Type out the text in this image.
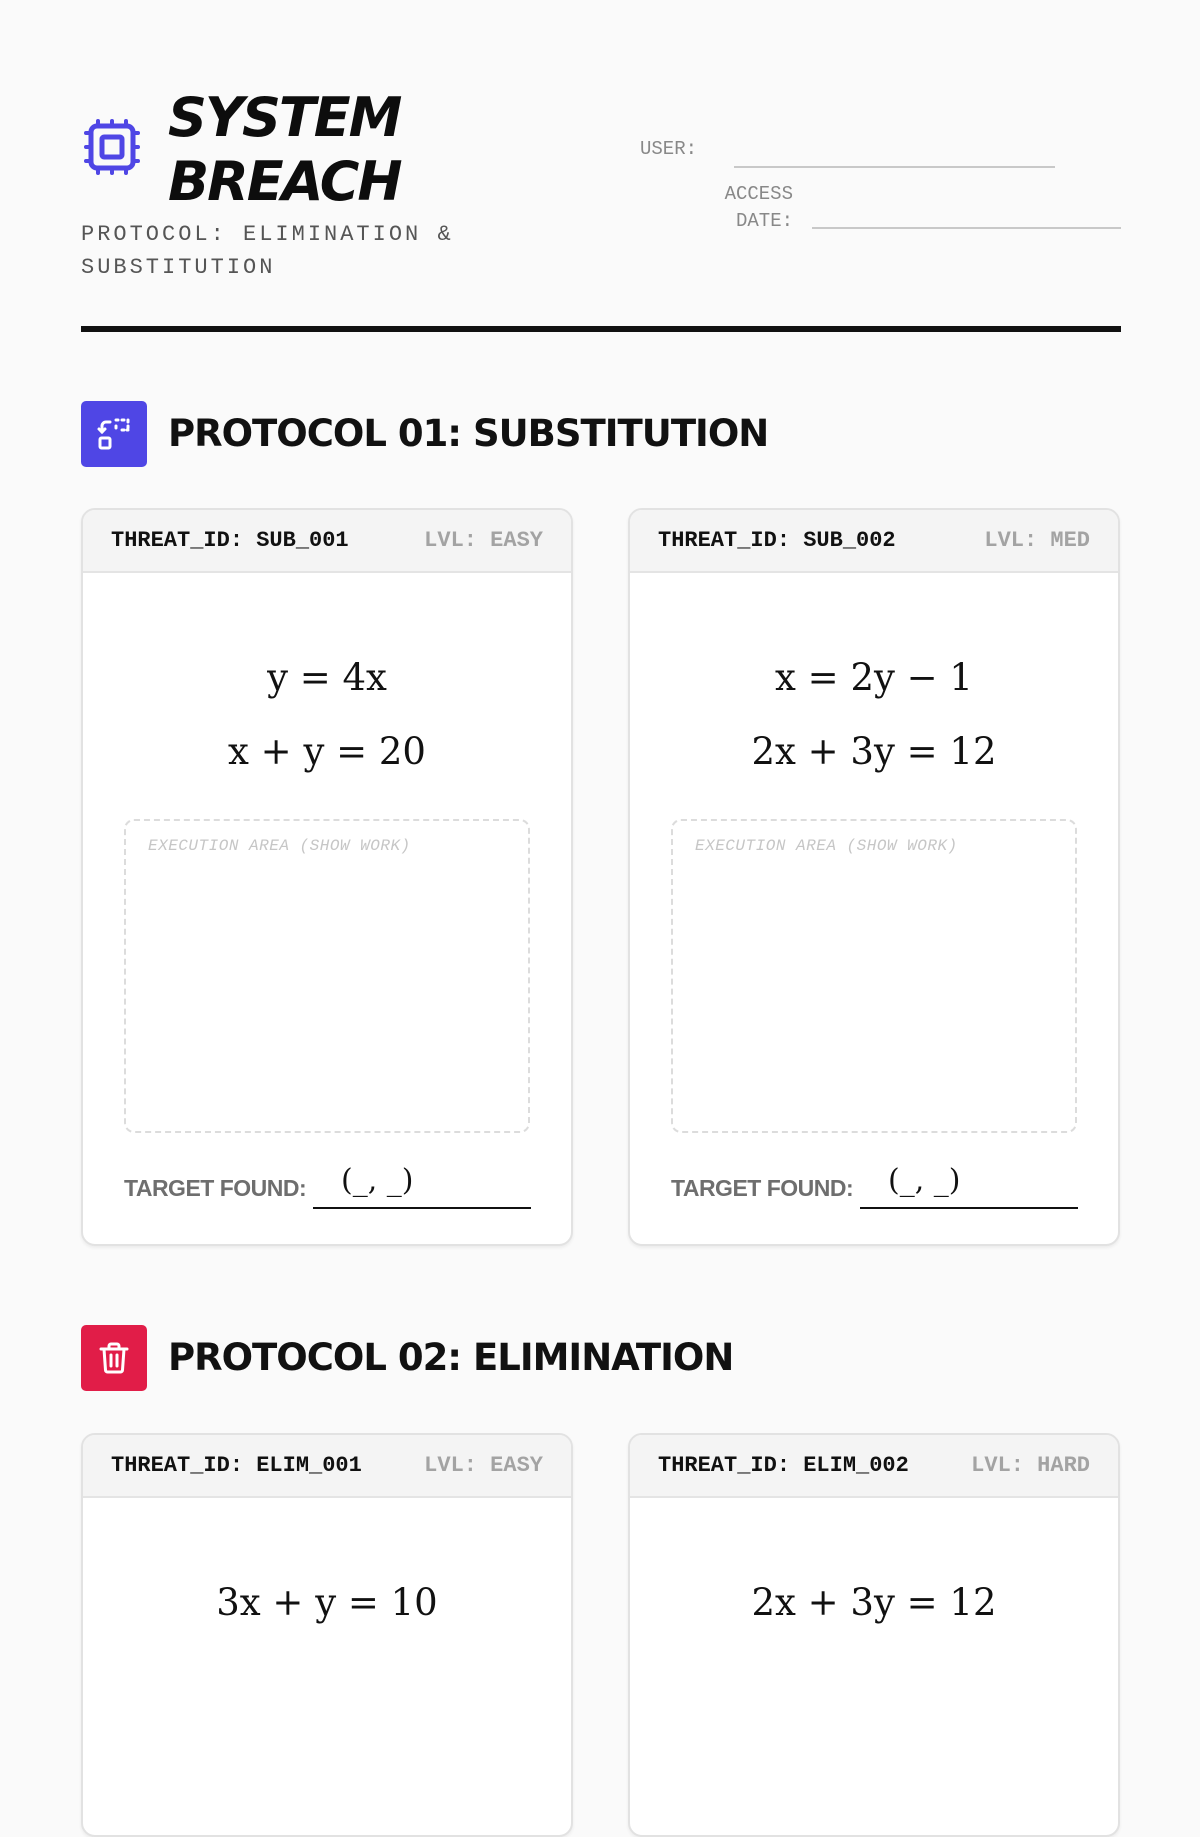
SYSTEM
BREACH
PROTOCOL: ELIMINATION & SUBSTITUTION
USER:
ACCESS
DATE:
PROTOCOL 01: SUBSTITUTION
THREAT_ID: SUB_001	LVL: EASY
y = 4x
x + y = 20
EXECUTION AREA (SHOW WORK)
TARGET FOUND:	(_, _)
THREAT_ID: SUB_002	LVL: MED
x = 2y − 1
2x + 3y = 12
EXECUTION AREA (SHOW WORK)
TARGET FOUND:	(_, _)
PROTOCOL 02: ELIMINATION
THREAT_ID: ELIM_001	LVL: EASY
3x + y = 10
THREAT_ID: ELIM_002	LVL: HARD
2x + 3y = 12
